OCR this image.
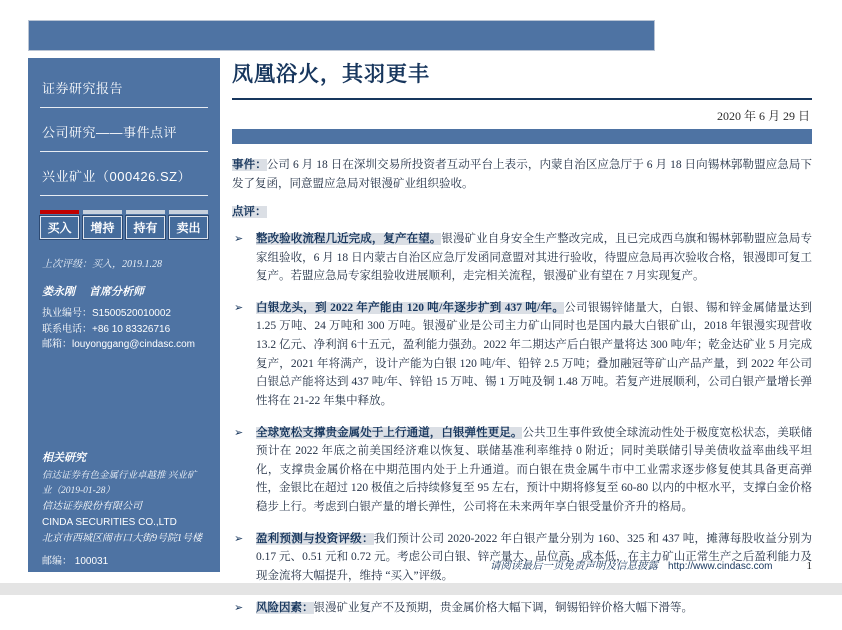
证券研究报告
公司研究——事件点评
兴业矿业（000426.SZ）
买入	增持	持有	卖出
上次评级：买入，2019.1.28
娄永刚 首席分析师
执业编号：S1500520010002
联系电话：+86 10 83326716
邮箱：louyonggang@cindasc.com
相关研究
信达证券有色金属行业卓越推 兴业矿业（2019-01-28）
信达证券股份有限公司
CINDA SECURITIES CO.,LTD
北京市西城区闹市口大街9号院1号楼
邮编： 100031
凤凰浴火，其羽更丰
2020 年 6 月 29 日

事件：公司 6 月 18 日在深圳交易所投资者互动平台上表示，内蒙自治区应急厅于 6 月 18 日向锡林郭勒盟应急局下发了复函，同意盟应急局对银漫矿业组织验收。

点评：

➢ 整改验收流程几近完成，复产在望。银漫矿业自身安全生产整改完成，且已完成西乌旗和锡林郭勒盟应急局专家组验收，6 月 18 日内蒙古自治区应急厅发函同意盟对其进行验收，待盟应急局再次验收合格，银漫即可复工复产。若盟应急局专家组验收进展顺利，走完相关流程，银漫矿业有望在 7 月实现复产。
➢ 白银龙头，到 2022 年产能由 120 吨/年逐步扩到 437 吨/年。公司银锡锌储量大，白银、锡和锌金属储量达到 1.25 万吨、24 万吨和 300 万吨。银漫矿业是公司主力矿山同时也是国内最大白银矿山，2018 年银漫实现营收 13.2 亿元、净利润 6十五元，盈利能力强劲。2022 年二期达产后白银产量将达 300 吨/年；乾金达矿业 5 月完成复产，2021 年将满产，设计产能为白银 120 吨/年、铅锌 2.5 万吨；叠加融冠等矿山产品产量，到 2022 年公司白银总产能将达到 437 吨/年、锌铅 15 万吨、锡 1 万吨及铜 1.48 万吨。若复产进展顺利，公司白银产量增长弹性将在 21-22 年集中释放。
➢ 全球宽松支撑贵金属处于上行通道，白银弹性更足。公共卫生事件致使全球流动性处于极度宽松状态，美联储预计在 2022 年底之前美国经济难以恢复、联储基准利率维持 0 附近；同时美联储引导美债收益率曲线平坦化，支撑贵金属价格在中期范围内处于上升通道。而白银在贵金属牛市中工业需求逐步修复使其具备更高弹性，金银比在超过 120 极值之后持续修复至 95 左右，预计中期将修复至 60-80 以内的中枢水平，支撑白金价格稳步上行。考虑到白银产量的增长弹性，公司将在未来两年享白银受量价齐升的格局。
➢ 盈利预测与投资评级：我们预计公司 2020-2022 年白银产量分别为 160、325 和 437 吨，摊薄每股收益分别为 0.17 元、0.51 元和 0.72 元。考虑公司白银、锌产量大、品位高、成本低，在主力矿山正常生产之后盈利能力及现金流将大幅提升，维持 “买入”评级。
➢ 风险因素：银漫矿业复产不及预期，贵金属价格大幅下调，铜锡铅锌价格大幅下滑等。
请阅读最后一页免责声明及信息披露 http://www.cindasc.com	1
